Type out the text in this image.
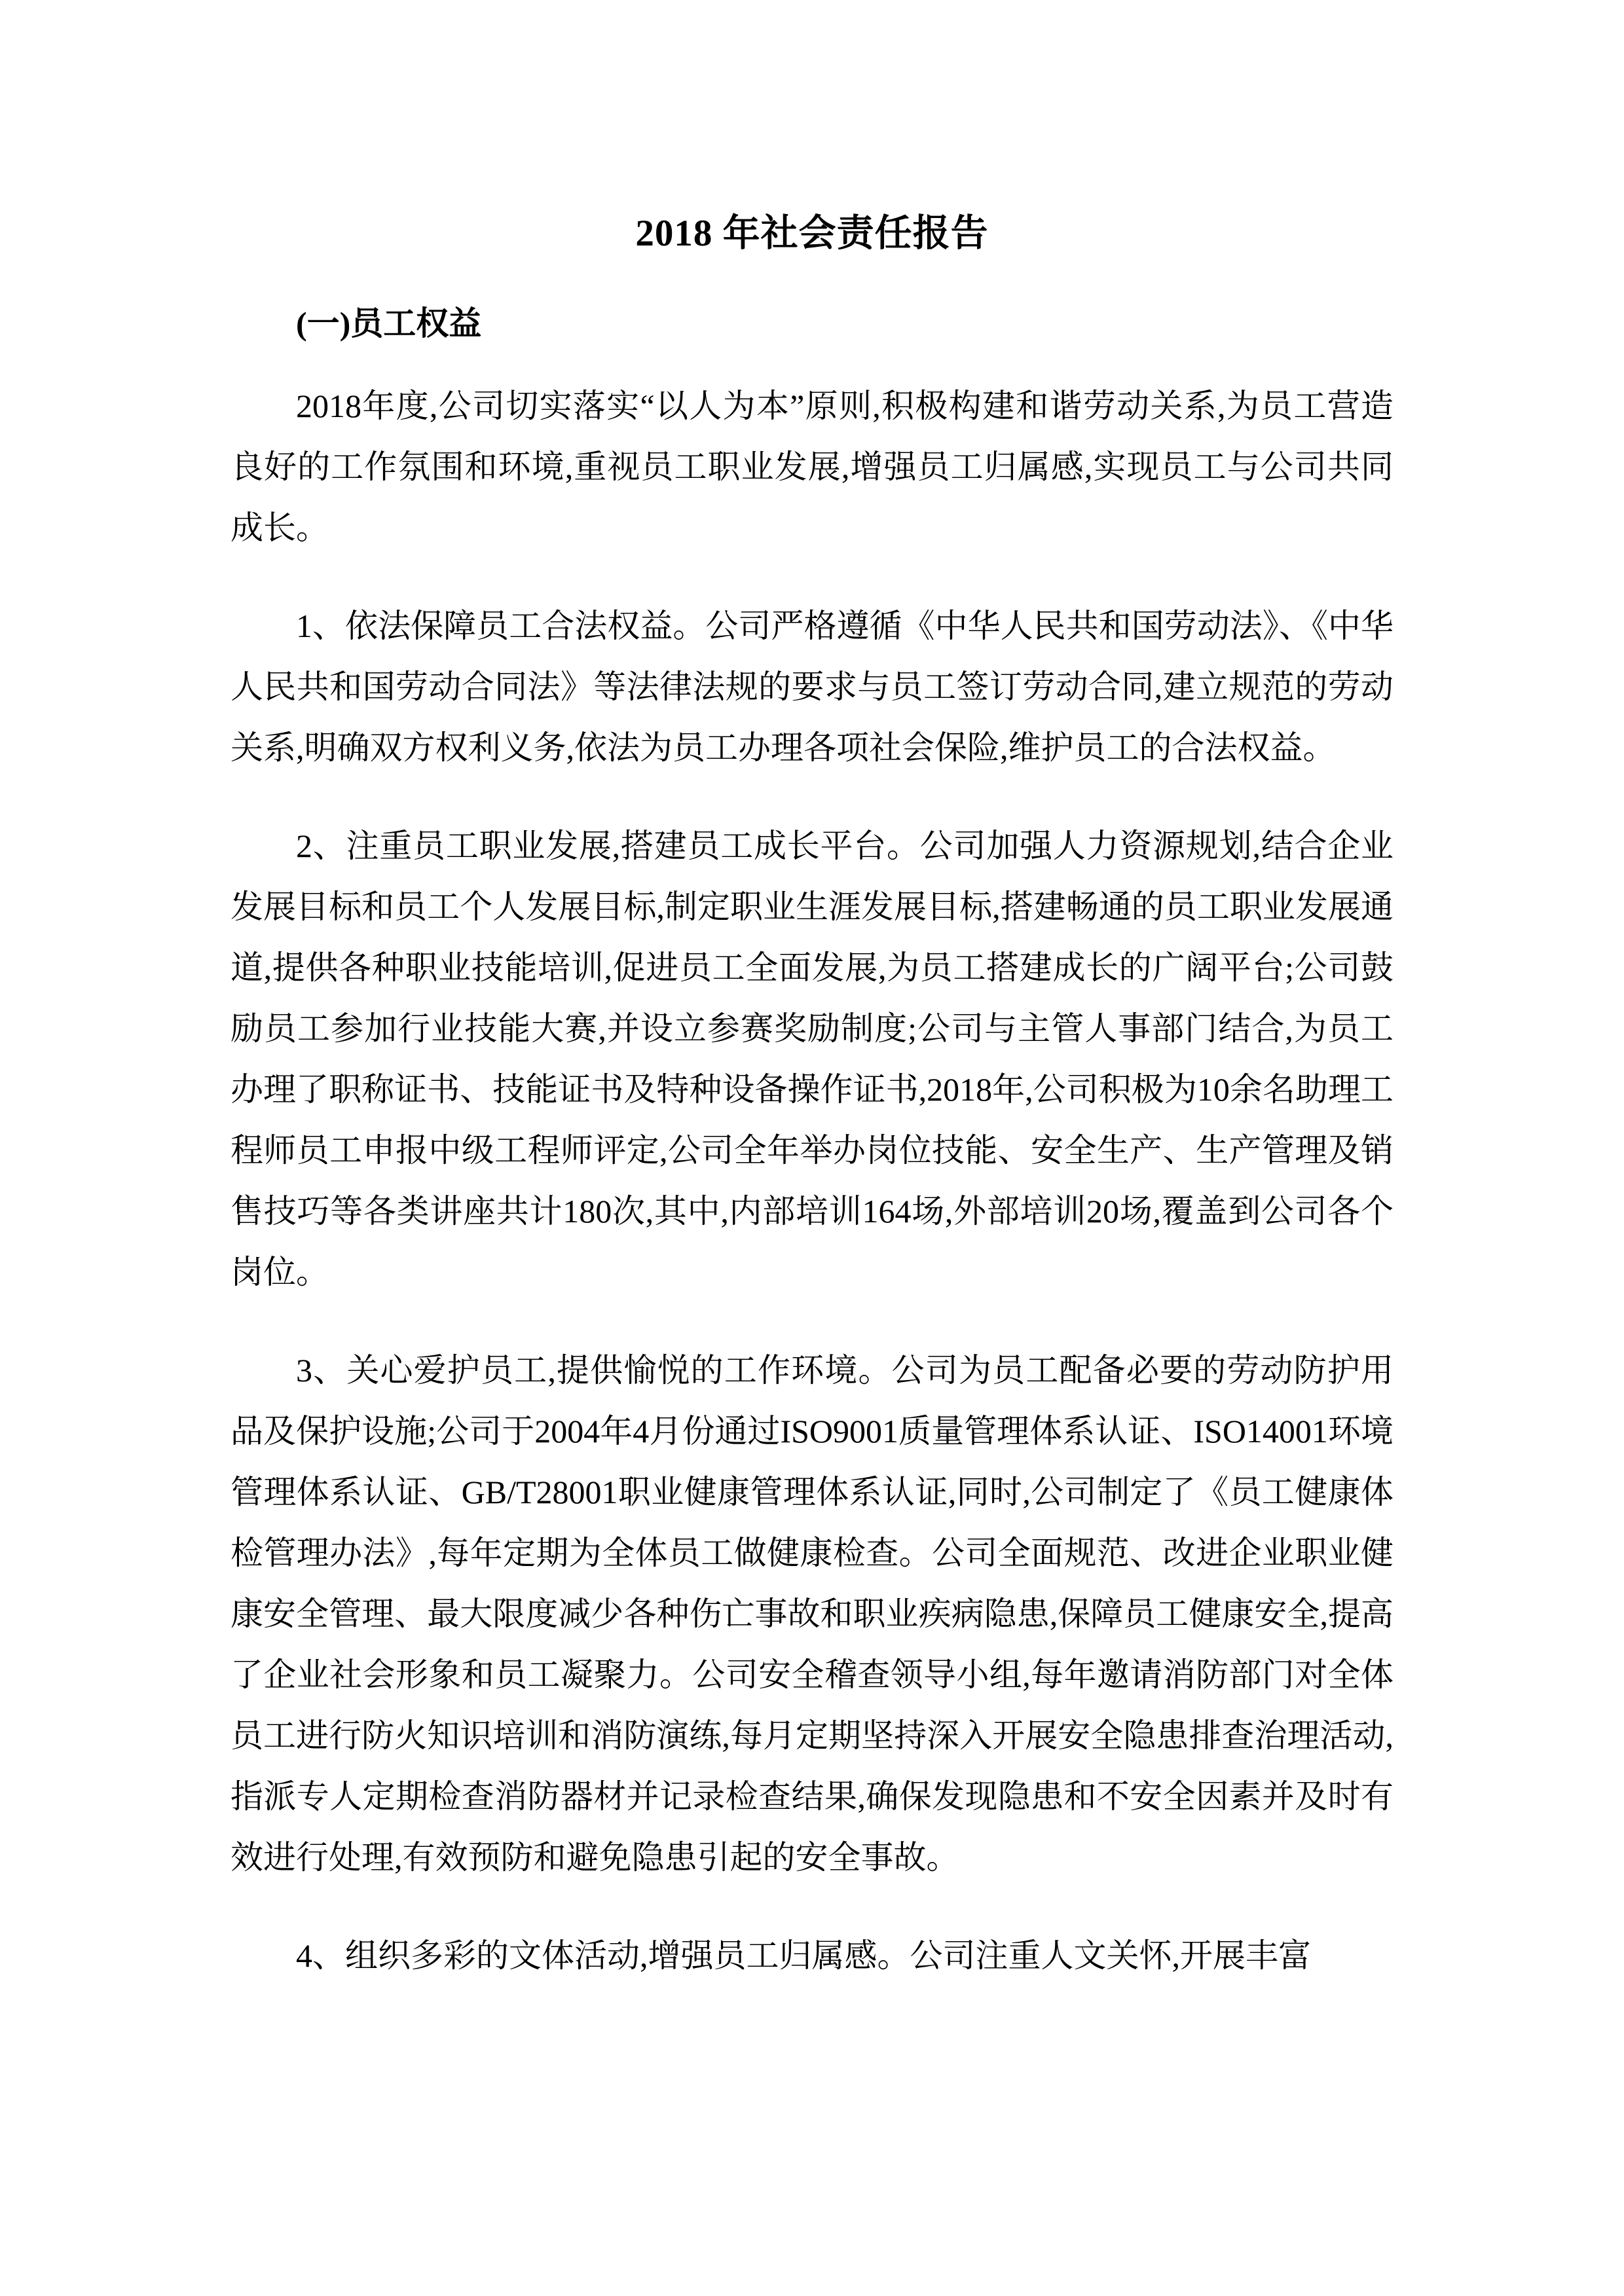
2018 年社会责任报告
(一)员工权益

2018年度,公司切实落实“以人为本”原则,积极构建和谐劳动关系,为员工营造良好的工作氛围和环境,重视员工职业发展,增强员工归属感,实现员工与公司共同成长。

1、依法保障员工合法权益。公司严格遵循《中华人民共和国劳动法》、《中华人民共和国劳动合同法》等法律法规的要求与员工签订劳动合同,建立规范的劳动关系,明确双方权利义务,依法为员工办理各项社会保险,维护员工的合法权益。

2、注重员工职业发展,搭建员工成长平台。公司加强人力资源规划,结合企业发展目标和员工个人发展目标,制定职业生涯发展目标,搭建畅通的员工职业发展通道,提供各种职业技能培训,促进员工全面发展,为员工搭建成长的广阔平台;公司鼓励员工参加行业技能大赛,并设立参赛奖励制度;公司与主管人事部门结合,为员工办理了职称证书、技能证书及特种设备操作证书,2018年,公司积极为10余名助理工程师员工申报中级工程师评定,公司全年举办岗位技能、安全生产、生产管理及销售技巧等各类讲座共计180次,其中,内部培训164场,外部培训20场,覆盖到公司各个岗位。

3、关心爱护员工,提供愉悦的工作环境。公司为员工配备必要的劳动防护用品及保护设施;公司于2004年4月份通过ISO9001质量管理体系认证、ISO14001环境管理体系认证、GB/T28001职业健康管理体系认证,同时,公司制定了《员工健康体检管理办法》,每年定期为全体员工做健康检查。公司全面规范、改进企业职业健康安全管理、最大限度减少各种伤亡事故和职业疾病隐患,保障员工健康安全,提高了企业社会形象和员工凝聚力。公司安全稽查领导小组,每年邀请消防部门对全体员工进行防火知识培训和消防演练,每月定期坚持深入开展安全隐患排查治理活动,指派专人定期检查消防器材并记录检查结果,确保发现隐患和不安全因素并及时有效进行处理,有效预防和避免隐患引起的安全事故。

4、组织多彩的文体活动,增强员工归属感。公司注重人文关怀,开展丰富
